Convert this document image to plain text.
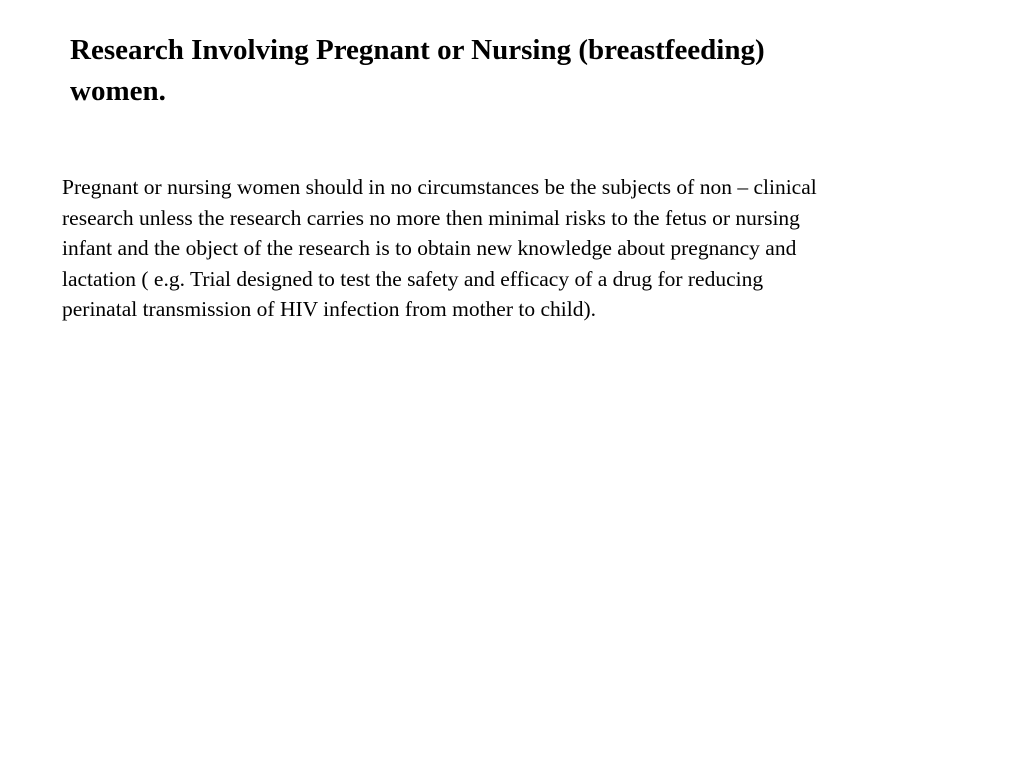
Research Involving Pregnant or Nursing (breastfeeding)
women.

Pregnant or nursing women should in no circumstances be the subjects of non – clinical
research unless the research carries no more then minimal risks to the fetus or nursing
infant and the object of the research is to obtain new knowledge about pregnancy and
lactation ( e.g. Trial designed to test the safety and efficacy of a drug for reducing
perinatal transmission of HIV infection from mother to child).
